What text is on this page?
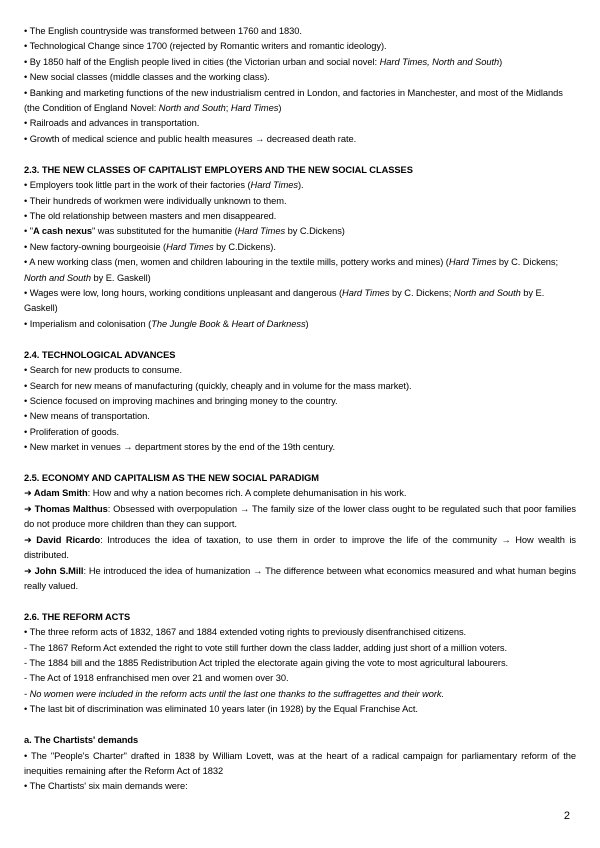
• The English countryside was transformed between 1760 and 1830.
• Technological Change since 1700 (rejected by Romantic writers and romantic ideology).
• By 1850 half of the English people lived in cities (the Victorian urban and social novel: Hard Times, North and South)
• New social classes (middle classes and the working class).
• Banking and marketing functions of the new industrialism centred in London, and factories in Manchester, and most of the Midlands (the Condition of England Novel: North and South; Hard Times)
• Railroads and advances in transportation.
• Growth of medical science and public health measures → decreased death rate.
2.3. THE NEW CLASSES OF CAPITALIST EMPLOYERS AND THE NEW SOCIAL CLASSES
• Employers took little part in the work of their factories (Hard Times).
• Their hundreds of workmen were individually unknown to them.
• The old relationship between masters and men disappeared.
• "A cash nexus" was substituted for the humanitie (Hard Times by C.Dickens)
• New factory-owning bourgeoisie (Hard Times by C.Dickens).
• A new working class (men, women and children labouring in the textile mills, pottery works and mines) (Hard Times by C. Dickens; North and South by E. Gaskell)
• Wages were low, long hours, working conditions unpleasant and dangerous (Hard Times by C. Dickens; North and South by E. Gaskell)
• Imperialism and colonisation (The Jungle Book & Heart of Darkness)
2.4. TECHNOLOGICAL ADVANCES
• Search for new products to consume.
• Search for new means of manufacturing (quickly, cheaply and in volume for the mass market).
• Science focused on improving machines and bringing money to the country.
• New means of transportation.
• Proliferation of goods.
• New market in venues → department stores by the end of the 19th century.
2.5. ECONOMY AND CAPITALISM AS THE NEW SOCIAL PARADIGM
➜ Adam Smith: How and why a nation becomes rich. A complete dehumanisation in his work.
➜ Thomas Malthus: Obsessed with overpopulation → The family size of the lower class ought to be regulated such that poor families do not produce more children than they can support.
➜ David Ricardo: Introduces the idea of taxation, to use them in order to improve the life of the community → How wealth is distributed.
➜ John S.Mill: He introduced the idea of humanization → The difference between what economics measured and what human begins really valued.
2.6. THE REFORM ACTS
• The three reform acts of 1832, 1867 and 1884 extended voting rights to previously disenfranchised citizens.
- The 1867 Reform Act extended the right to vote still further down the class ladder, adding just short of a million voters.
- The 1884 bill and the 1885 Redistribution Act tripled the electorate again giving the vote to most agricultural labourers.
- The Act of 1918 enfranchised men over 21 and women over 30.
- No women were included in the reform acts until the last one thanks to the suffragettes and their work.
• The last bit of discrimination was eliminated 10 years later (in 1928) by the Equal Franchise Act.
a. The Chartists' demands
• The "People's Charter" drafted in 1838 by William Lovett, was at the heart of a radical campaign for parliamentary reform of the inequities remaining after the Reform Act of 1832
• The Chartists' six main demands were:
2
